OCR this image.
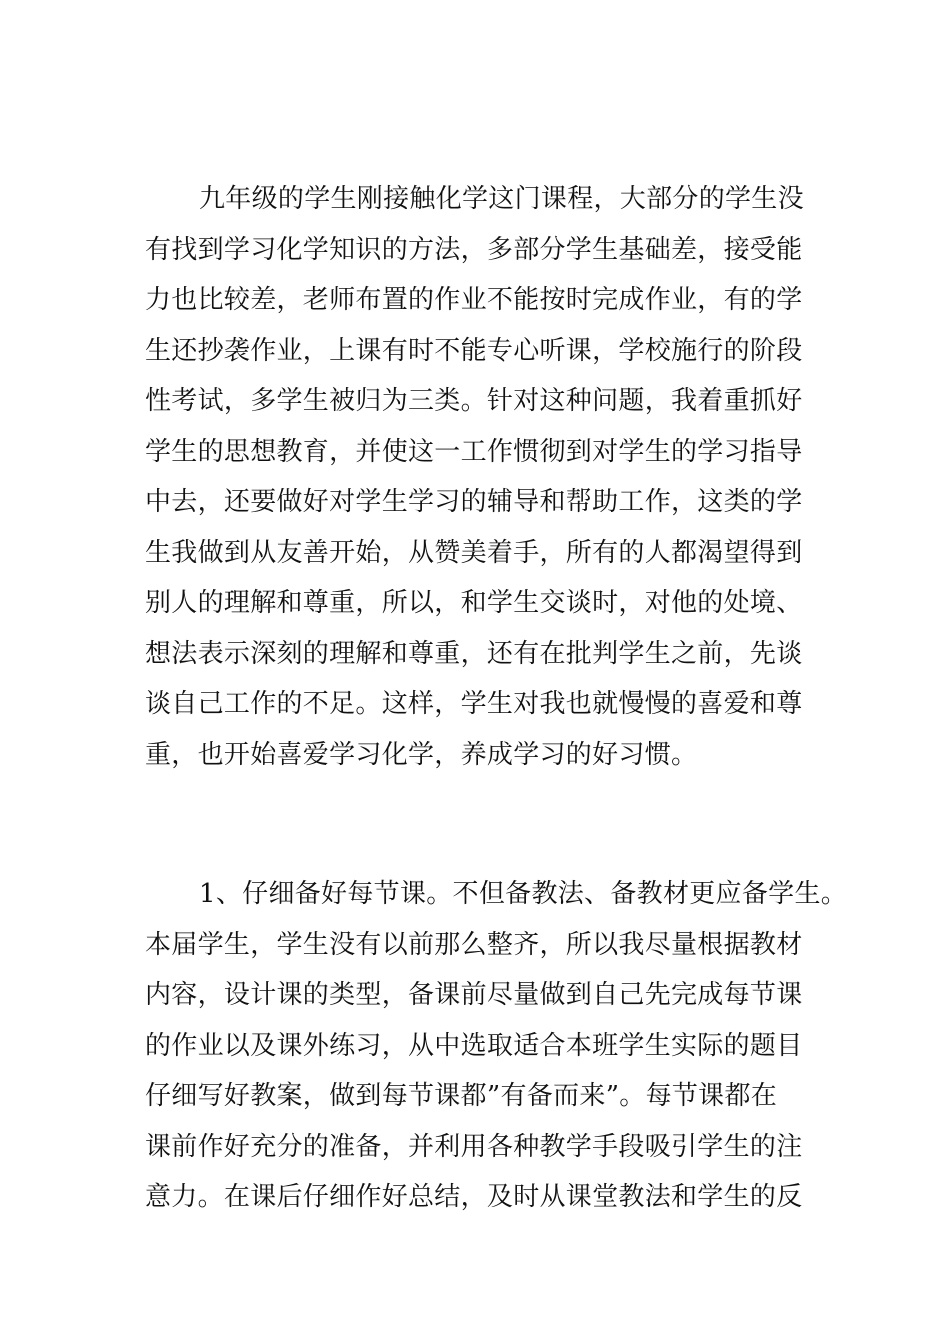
九年级的学生刚接触化学这门课程，大部分的学生没
有找到学习化学知识的方法，多部分学生基础差，接受能
力也比较差，老师布置的作业不能按时完成作业，有的学
生还抄袭作业，上课有时不能专心听课，学校施行的阶段
性考试，多学生被归为三类。针对这种问题，我着重抓好
学生的思想教育，并使这一工作惯彻到对学生的学习指导
中去，还要做好对学生学习的辅导和帮助工作，这类的学
生我做到从友善开始，从赞美着手，所有的人都渴望得到
别人的理解和尊重，所以，和学生交谈时，对他的处境、
想法表示深刻的理解和尊重，还有在批判学生之前，先谈
谈自己工作的不足。这样，学生对我也就慢慢的喜爱和尊
重，也开始喜爱学习化学，养成学习的好习惯。

1、仔细备好每节课。不但备教法、备教材更应备学生。
本届学生，学生没有以前那么整齐，所以我尽量根据教材
内容，设计课的类型，备课前尽量做到自己先完成每节课
的作业以及课外练习，从中选取适合本班学生实际的题目
仔细写好教案，做到每节课都”有备而来”。每节课都在
课前作好充分的准备，并利用各种教学手段吸引学生的注
意力。在课后仔细作好总结，及时从课堂教法和学生的反
